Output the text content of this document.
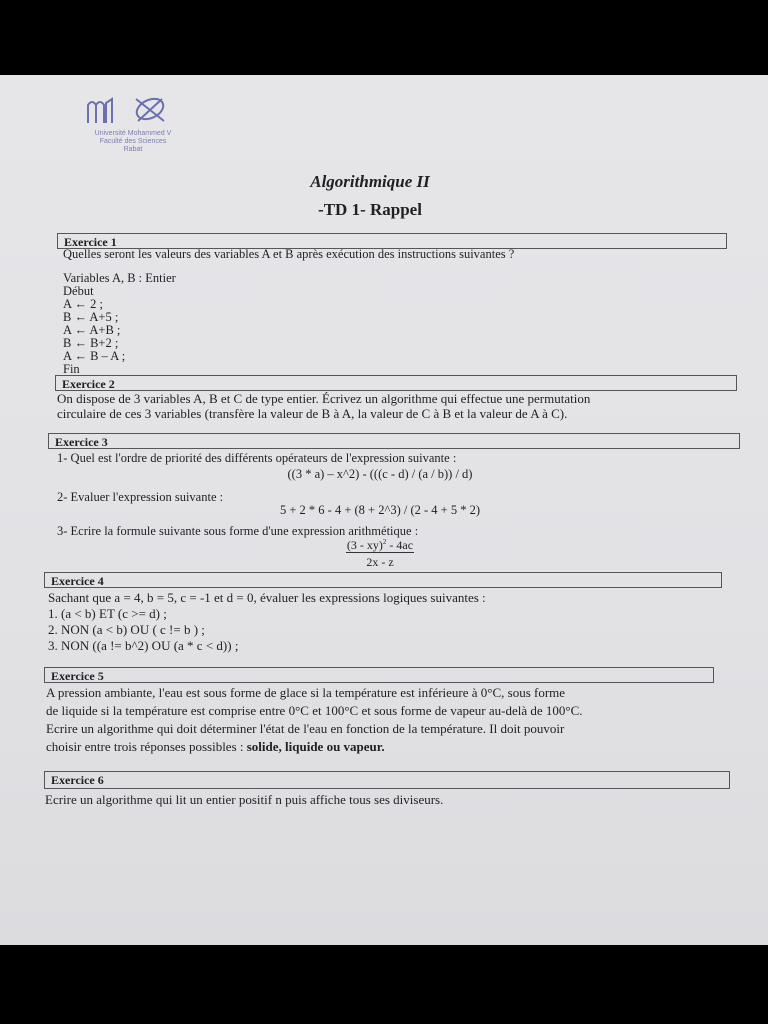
Université Mohammed V
Faculté des Sciences
Rabat
Algorithmique II
-TD 1- Rappel
Exercice 1
Quelles seront les valeurs des variables A et B après exécution des instructions suivantes ?
Variables A, B : Entier
Début
A ← 2 ;
B ← A+5 ;
A ← A+B ;
B ← B+2 ;
A ← B – A ;
Fin
Exercice 2
On dispose de 3 variables A, B et C de type entier. Écrivez un algorithme qui effectue une permutation
circulaire de ces 3 variables (transfère la valeur de B à A, la valeur de C à B et la valeur de A à C).
Exercice 3
1- Quel est l'ordre de priorité des différents opérateurs de l'expression suivante :
((3 * a) – x^2) - (((c - d) / (a / b)) / d)
2- Evaluer l'expression suivante :
5 + 2 * 6 - 4 + (8 + 2^3) / (2 - 4 + 5 * 2)
3- Ecrire la formule suivante sous forme d'une expression arithmétique :
$\frac{(3 - xy)^2 - 4ac}{2x - z}$
Exercice 4
Sachant que a = 4, b = 5, c = -1 et d = 0, évaluer les expressions logiques suivantes :
1. (a < b) ET (c >= d) ;
2. NON (a < b) OU ( c != b ) ;
3. NON ((a != b^2) OU (a * c < d)) ;
Exercice 5
A pression ambiante, l'eau est sous forme de glace si la température est inférieure à 0°C, sous forme
de liquide si la température est comprise entre 0°C et 100°C et sous forme de vapeur au-delà de 100°C.
Ecrire un algorithme qui doit déterminer l'état de l'eau en fonction de la température. Il doit pouvoir
choisir entre trois réponses possibles : solide, liquide ou vapeur.
Exercice 6
Ecrire un algorithme qui lit un entier positif n puis affiche tous ses diviseurs.
